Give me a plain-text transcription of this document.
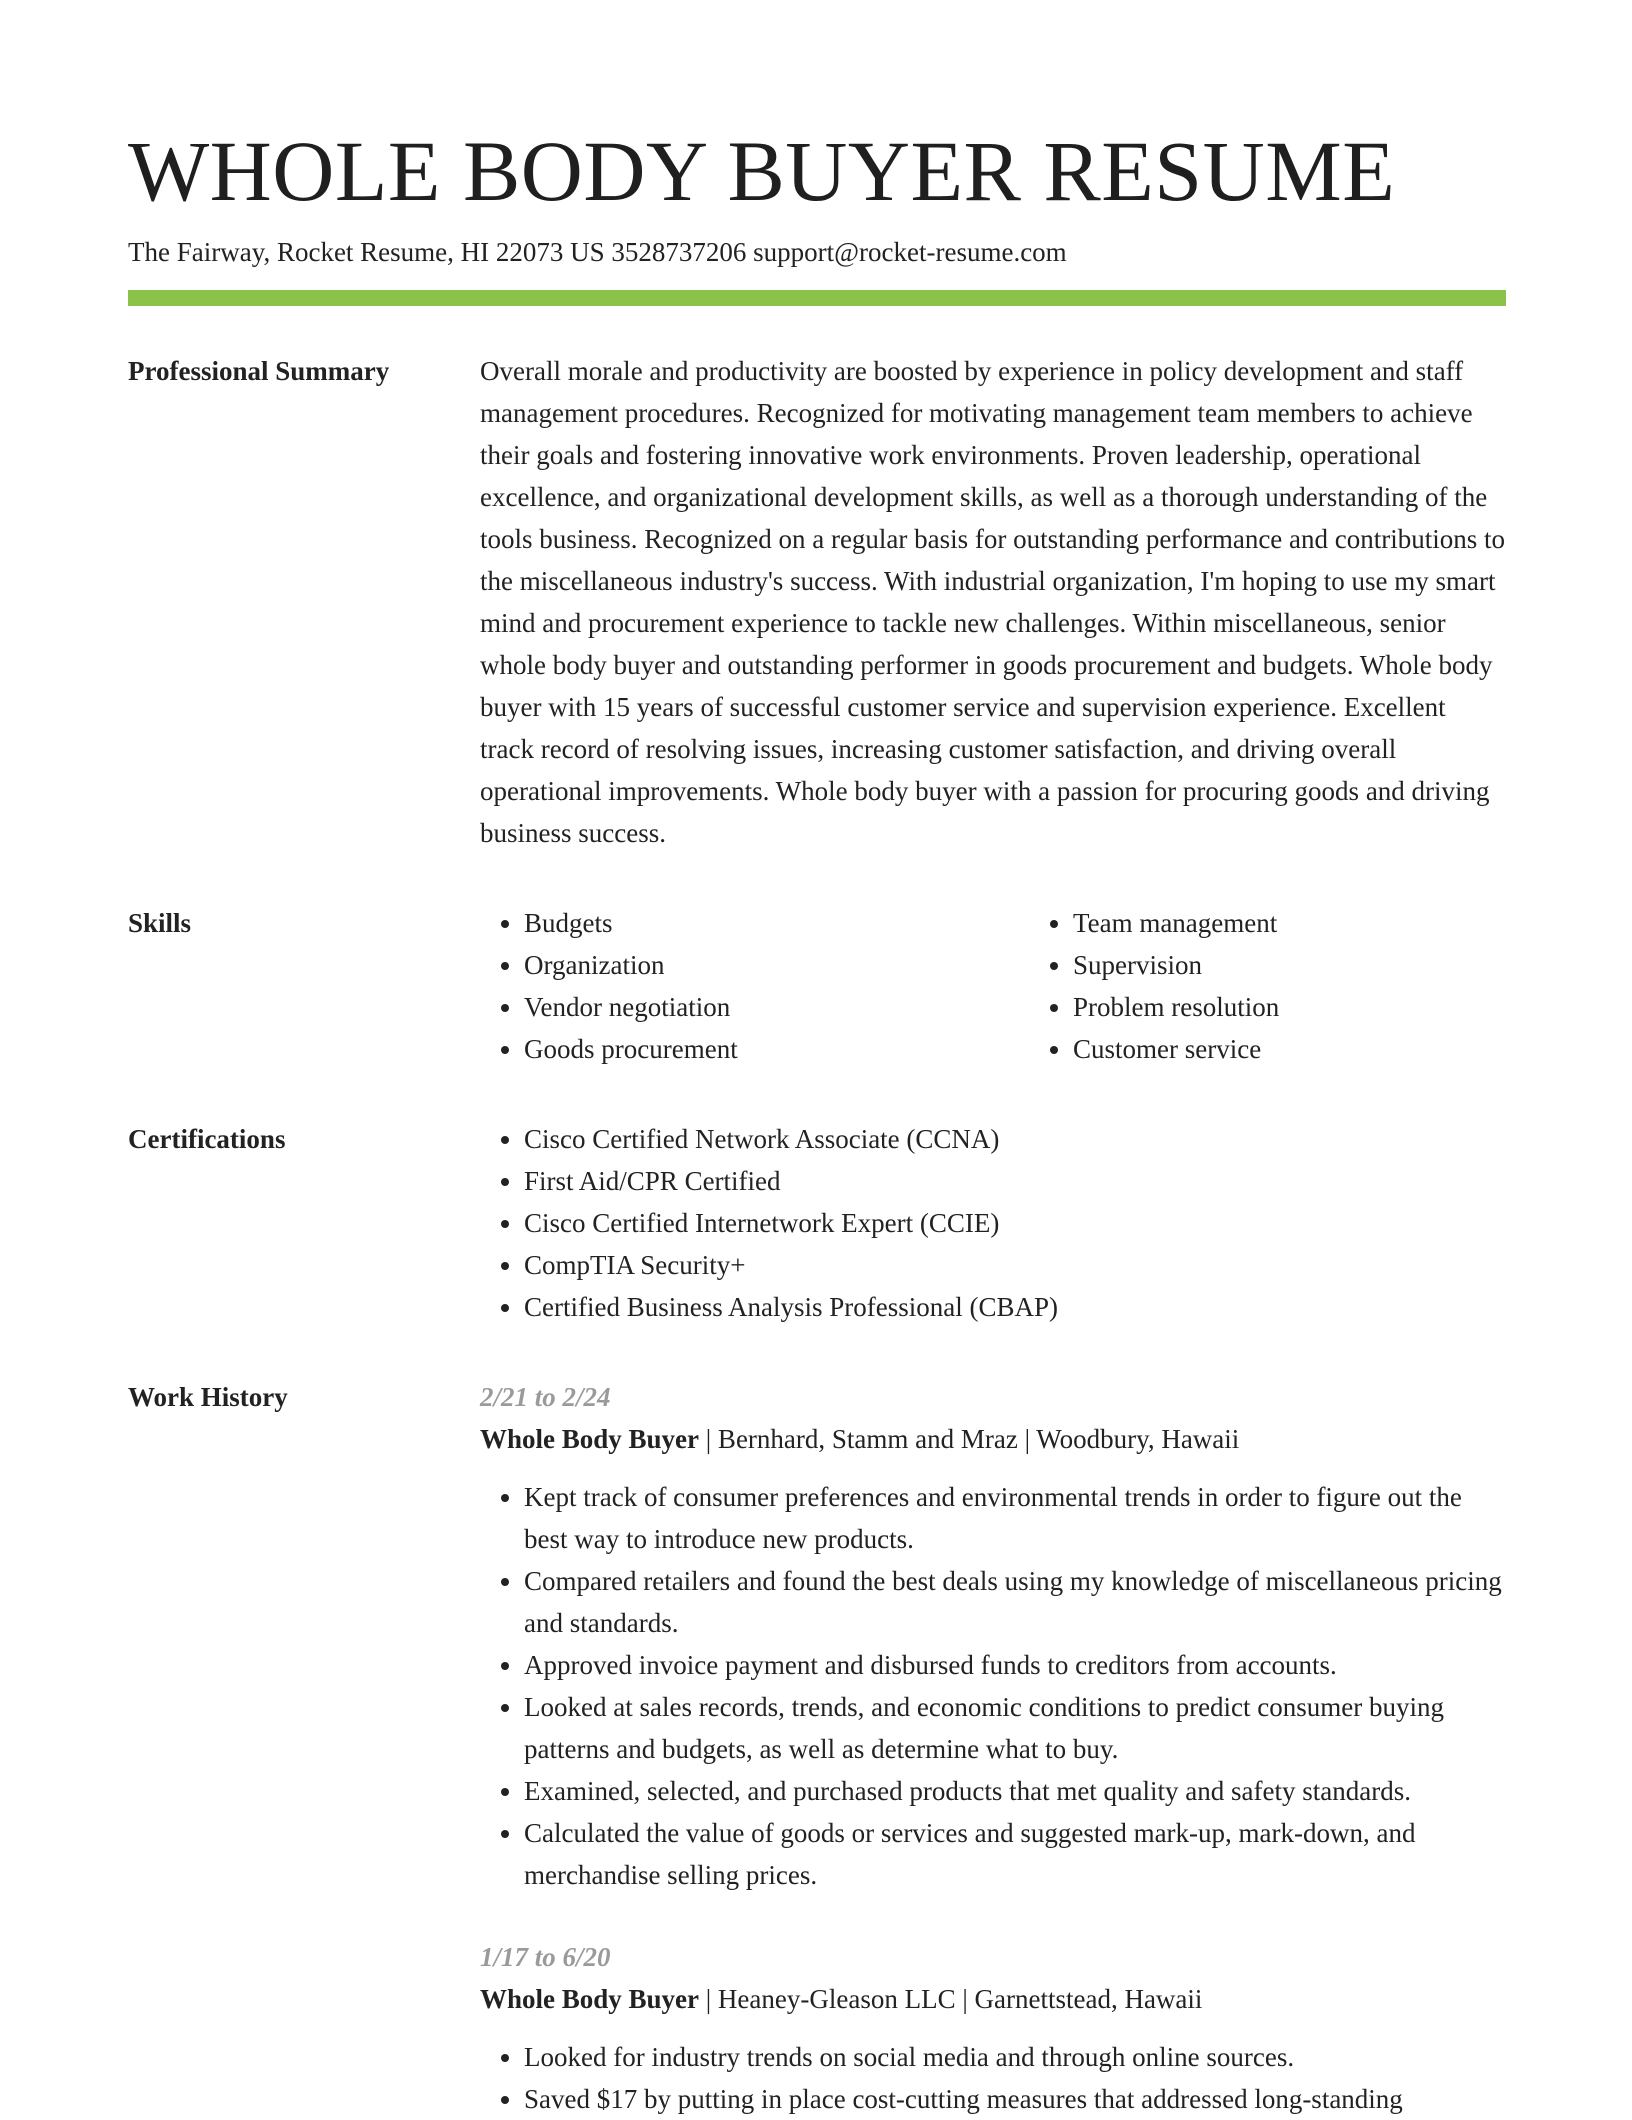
WHOLE BODY BUYER RESUME
The Fairway, Rocket Resume, HI 22073 US 3528737206 support@rocket-resume.com
Professional Summary	Overall morale and productivity are boosted by experience in policy development and staff management procedures. Recognized for motivating management team members to achieve their goals and fostering innovative work environments. Proven leadership, operational excellence, and organizational development skills, as well as a thorough understanding of the tools business. Recognized on a regular basis for outstanding performance and contributions to the miscellaneous industry's success. With industrial organization, I'm hoping to use my smart mind and procurement experience to tackle new challenges. Within miscellaneous, senior whole body buyer and outstanding performer in goods procurement and budgets. Whole body buyer with 15 years of successful customer service and supervision experience. Excellent track record of resolving issues, increasing customer satisfaction, and driving overall operational improvements. Whole body buyer with a passion for procuring goods and driving business success.

Skills	• Budgets
• Organization
• Vendor negotiation
• Goods procurement
• Team management
• Supervision
• Problem resolution
• Customer service
Certifications	• Cisco Certified Network Associate (CCNA)
• First Aid/CPR Certified
• Cisco Certified Internetwork Expert (CCIE)
• CompTIA Security+
• Certified Business Analysis Professional (CBAP)
Work History	2/21 to 2/24
Whole Body Buyer | Bernhard, Stamm and Mraz | Woodbury, Hawaii
• Kept track of consumer preferences and environmental trends in order to figure out the best way to introduce new products.
• Compared retailers and found the best deals using my knowledge of miscellaneous pricing and standards.
• Approved invoice payment and disbursed funds to creditors from accounts.
• Looked at sales records, trends, and economic conditions to predict consumer buying patterns and budgets, as well as determine what to buy.
• Examined, selected, and purchased products that met quality and safety standards.
• Calculated the value of goods or services and suggested mark-up, mark-down, and merchandise selling prices.
1/17 to 6/20
Whole Body Buyer | Heaney-Gleason LLC | Garnettstead, Hawaii
• Looked for industry trends on social media and through online sources.
• Saved $17 by putting in place cost-cutting measures that addressed long-standing
